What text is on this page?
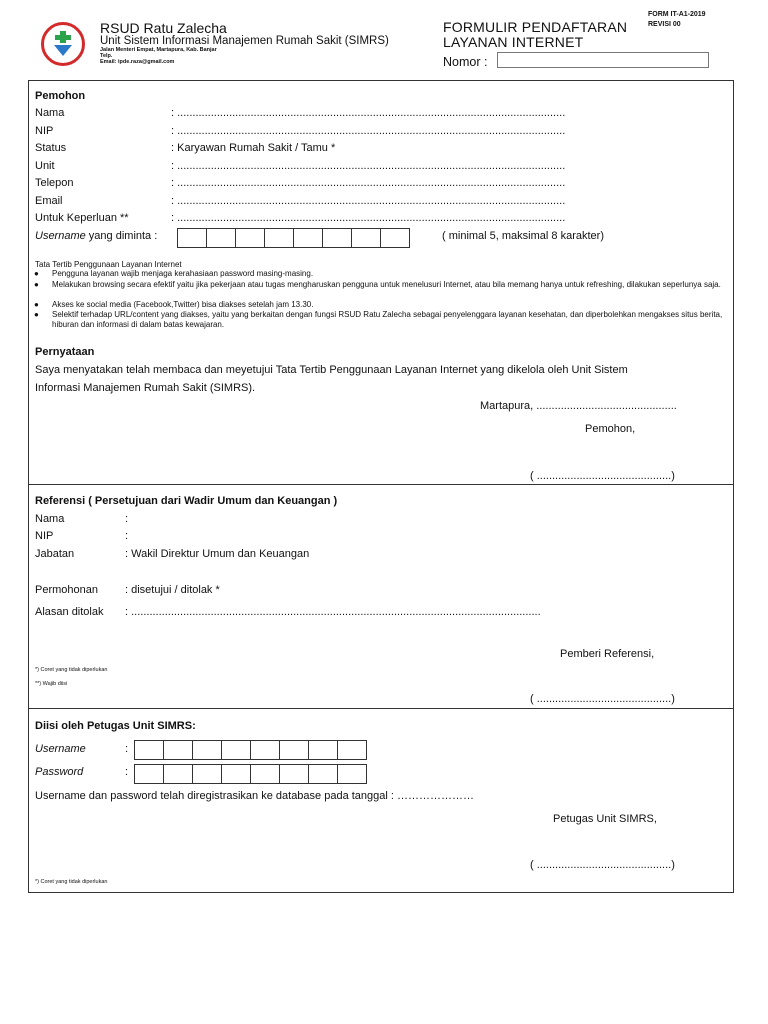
RSUD Ratu Zalecha
Unit Sistem Informasi Manajemen Rumah Sakit (SIMRS)
Jalan Menteri Empat, Martapura, Kab. Banjar
Telp.
Email: ipde.raza@gmail.com
FORMULIR PENDAFTARAN
LAYANAN INTERNET
FORM IT-A1-2019
REVISI 00
Nomor :
Pemohon
Nama	: ...............................................................................................................................
NIP	: ...............................................................................................................................
Status	: Karyawan Rumah Sakit / Tamu *
Unit	: ...............................................................................................................................
Telepon	: ...............................................................................................................................
Email	: ...............................................................................................................................
Untuk Keperluan **	: ...............................................................................................................................
Username yang diminta :	( minimal 5, maksimal 8 karakter)
Tata Tertib Penggunaan Layanan Internet
● Pengguna layanan wajib menjaga kerahasiaan password masing-masing.
● Melakukan browsing secara efektif yaitu jika pekerjaan atau tugas mengharuskan pengguna untuk menelusuri Internet, atau bila memang hanya untuk refreshing, dilakukan seperlunya saja.
● Akses ke social media (Facebook,Twitter) bisa diakses setelah jam 13.30.
● Selektif terhadap URL/content yang diakses, yaitu yang berkaitan dengan fungsi RSUD Ratu Zalecha sebagai penyelenggara layanan kesehatan, dan diperbolehkan mengakses situs berita, hiburan dan informasi di dalam batas kewajaran.
Pernyataan
Saya menyatakan telah membaca dan meyetujui Tata Tertib Penggunaan Layanan Internet yang dikelola oleh Unit Sistem
Informasi Manajemen Rumah Sakit (SIMRS).
Martapura, ..............................................
Pemohon,
( ............................................)
Referensi ( Persetujuan dari Wadir Umum dan Keuangan )
Nama	:
NIP	:
Jabatan	: Wakil Direktur Umum dan Keuangan
Permohonan : disetujui / ditolak *
Alasan ditolak : ......................................................................................................................................
Pemberi Referensi,
*) Coret yang tidak diperlukan
**) Wajib diisi
( ............................................)
Diisi oleh Petugas Unit SIMRS:
Username	:
Password	:
Username dan password telah diregistrasikan ke database pada tanggal : …………………
Petugas Unit SIMRS,
( ............................................)
*) Coret yang tidak diperlukan
